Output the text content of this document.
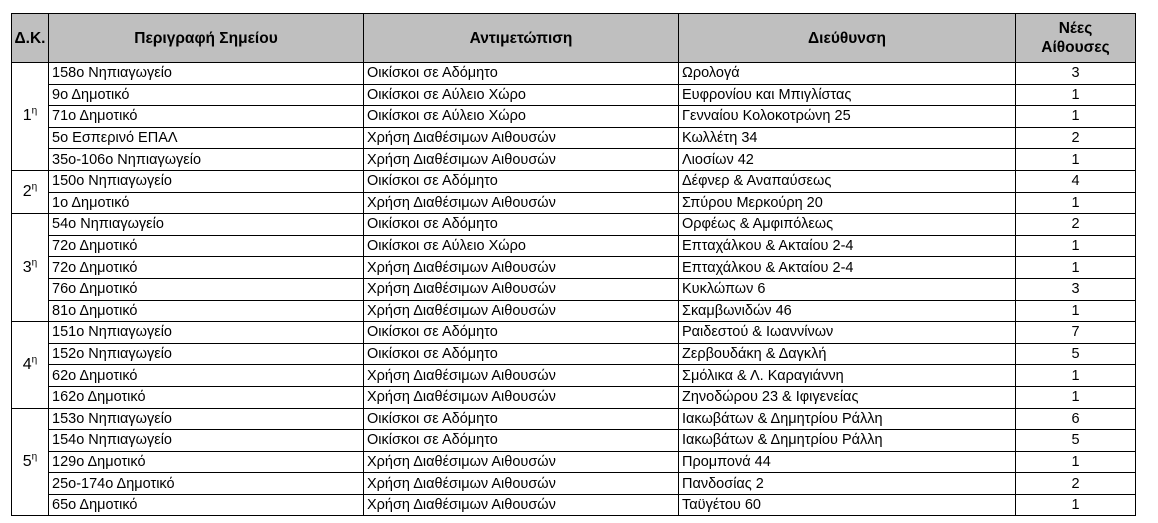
Δ.Κ.	Περιγραφή Σημείου	Αντιμετώπιση	Διεύθυνση	Νέες
Αίθουσες

$1^\eta$	158ο Νηπιαγωγείο	Οικίσκοι σε Αδόμητο	Ωρολογά	3
	9ο Δημοτικό	Οικίσκοι σε Αύλειο Χώρο	Ευφρονίου και Μπιγλίστας	1
	71ο Δημοτικό	Οικίσκοι σε Αύλειο Χώρο	Γενναίου Κολοκοτρώνη 25	1
	5ο Εσπερινό ΕΠΑΛ	Χρήση Διαθέσιμων Αιθουσών	Κωλλέτη 34	2
	35ο-106ο Νηπιαγωγείο	Χρήση Διαθέσιμων Αιθουσών	Λιοσίων 42	1
$2^\eta$	150ο Νηπιαγωγείο	Οικίσκοι σε Αδόμητο	Δέφνερ & Αναπαύσεως	4
	1ο Δημοτικό	Χρήση Διαθέσιμων Αιθουσών	Σπύρου Μερκούρη 20	1
$3^\eta$	54ο Νηπιαγωγείο	Οικίσκοι σε Αδόμητο	Ορφέως & Αμφιπόλεως	2
	72ο Δημοτικό	Οικίσκοι σε Αύλειο Χώρο	Επταχάλκου & Ακταίου 2-4	1
	72ο Δημοτικό	Χρήση Διαθέσιμων Αιθουσών	Επταχάλκου & Ακταίου 2-4	1
	76ο Δημοτικό	Χρήση Διαθέσιμων Αιθουσών	Κυκλώπων 6	3
	81ο Δημοτικό	Χρήση Διαθέσιμων Αιθουσών	Σκαμβωνιδών 46	1
$4^\eta$	151ο Νηπιαγωγείο	Οικίσκοι σε Αδόμητο	Ραιδεστού & Ιωαννίνων	7
	152ο Νηπιαγωγείο	Οικίσκοι σε Αδόμητο	Ζερβουδάκη & Δαγκλή	5
	62ο Δημοτικό	Χρήση Διαθέσιμων Αιθουσών	Σμόλικα & Λ. Καραγιάννη	1
	162ο Δημοτικό	Χρήση Διαθέσιμων Αιθουσών	Ζηνοδώρου 23 & Ιφιγενείας	1
$5^\eta$	153ο Νηπιαγωγείο	Οικίσκοι σε Αδόμητο	Ιακωβάτων & Δημητρίου Ράλλη	6
	154ο Νηπιαγωγείο	Οικίσκοι σε Αδόμητο	Ιακωβάτων & Δημητρίου Ράλλη	5
	129ο Δημοτικό	Χρήση Διαθέσιμων Αιθουσών	Προμπονά 44	1
	25ο-174ο Δημοτικό	Χρήση Διαθέσιμων Αιθουσών	Πανδοσίας 2	2
	65ο Δημοτικό	Χρήση Διαθέσιμων Αιθουσών	Ταϋγέτου 60	1
